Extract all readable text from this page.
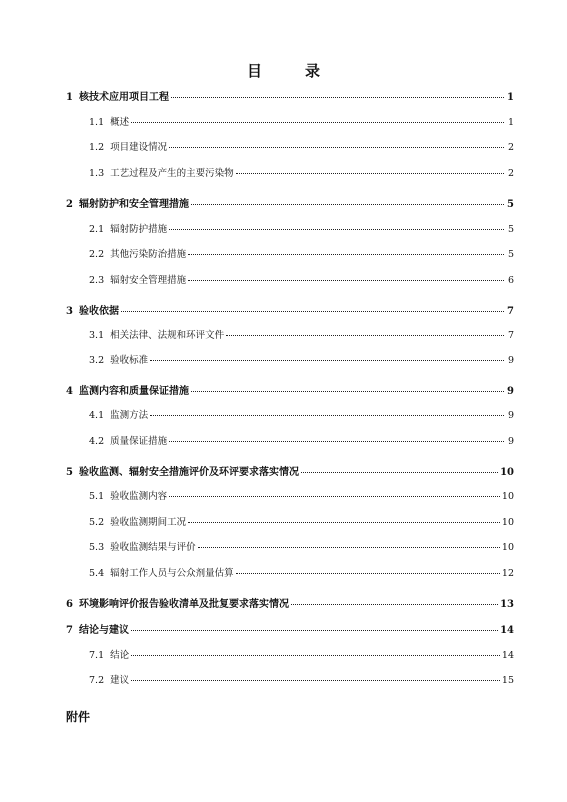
目　录
1 核技术应用项目工程	1
1.1 概述	1
1.2 项目建设情况	2
1.3 工艺过程及产生的主要污染物	2
2 辐射防护和安全管理措施	5
2.1 辐射防护措施	5
2.2 其他污染防治措施	5
2.3 辐射安全管理措施	6
3 验收依据	7
3.1 相关法律、法规和环评文件	7
3.2 验收标准	9
4 监测内容和质量保证措施	9
4.1 监测方法	9
4.2 质量保证措施	9
5 验收监测、辐射安全措施评价及环评要求落实情况	10
5.1 验收监测内容	10
5.2 验收监测期间工况	10
5.3 验收监测结果与评价	10
5.4 辐射工作人员与公众剂量估算	12
6 环境影响评价报告验收清单及批复要求落实情况	13
7 结论与建议	14
7.1 结论	14
7.2 建议	15
附件
